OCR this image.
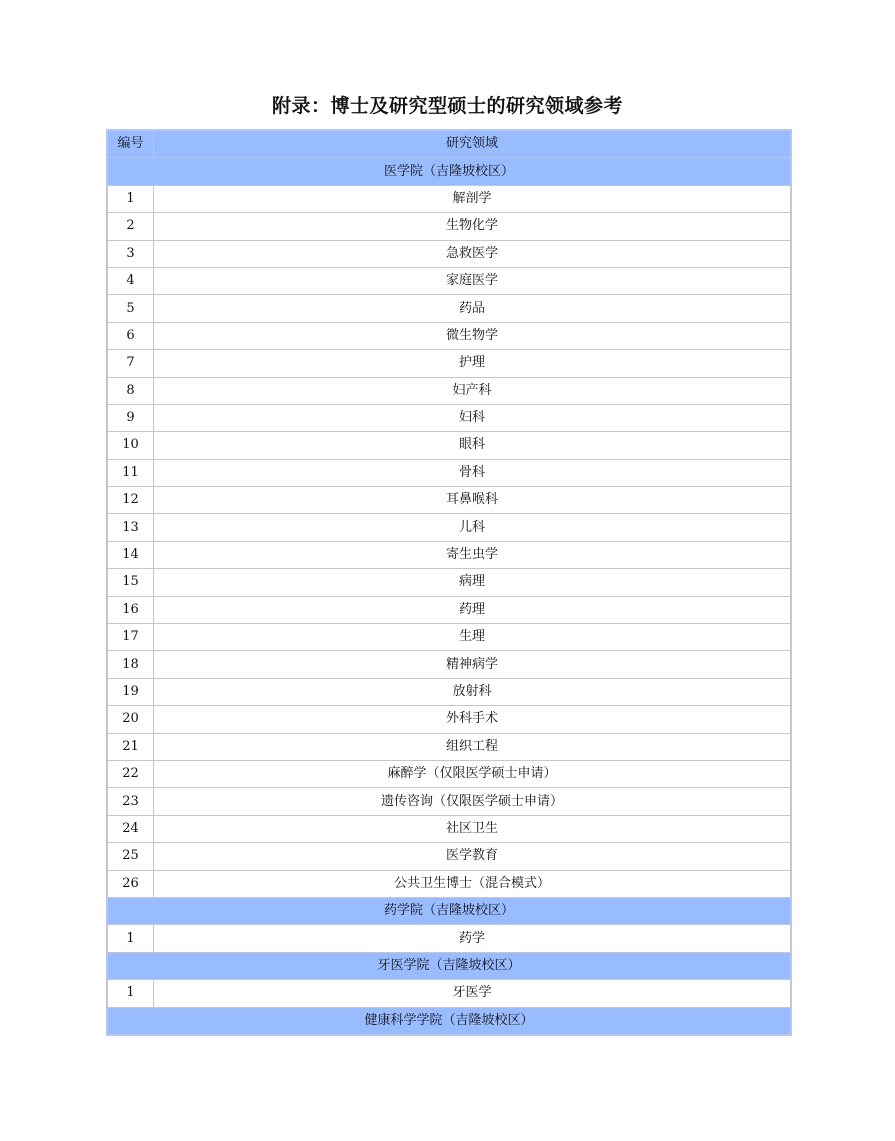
附录：博士及研究型硕士的研究领域参考
编号	研究领域
医学院（吉隆坡校区）	
1	解剖学
2	生物化学
3	急救医学
4	家庭医学
5	药品
6	微生物学
7	护理
8	妇产科
9	妇科
10	眼科
11	骨科
12	耳鼻喉科
13	儿科
14	寄生虫学
15	病理
16	药理
17	生理
18	精神病学
19	放射科
20	外科手术
21	组织工程
22	麻醉学（仅限医学硕士申请）
23	遗传咨询（仅限医学硕士申请）
24	社区卫生
25	医学教育
26	公共卫生博士（混合模式）
药学院（吉隆坡校区）	
1	药学
牙医学院（吉隆坡校区）	
1	牙医学
健康科学学院（吉隆坡校区）	
